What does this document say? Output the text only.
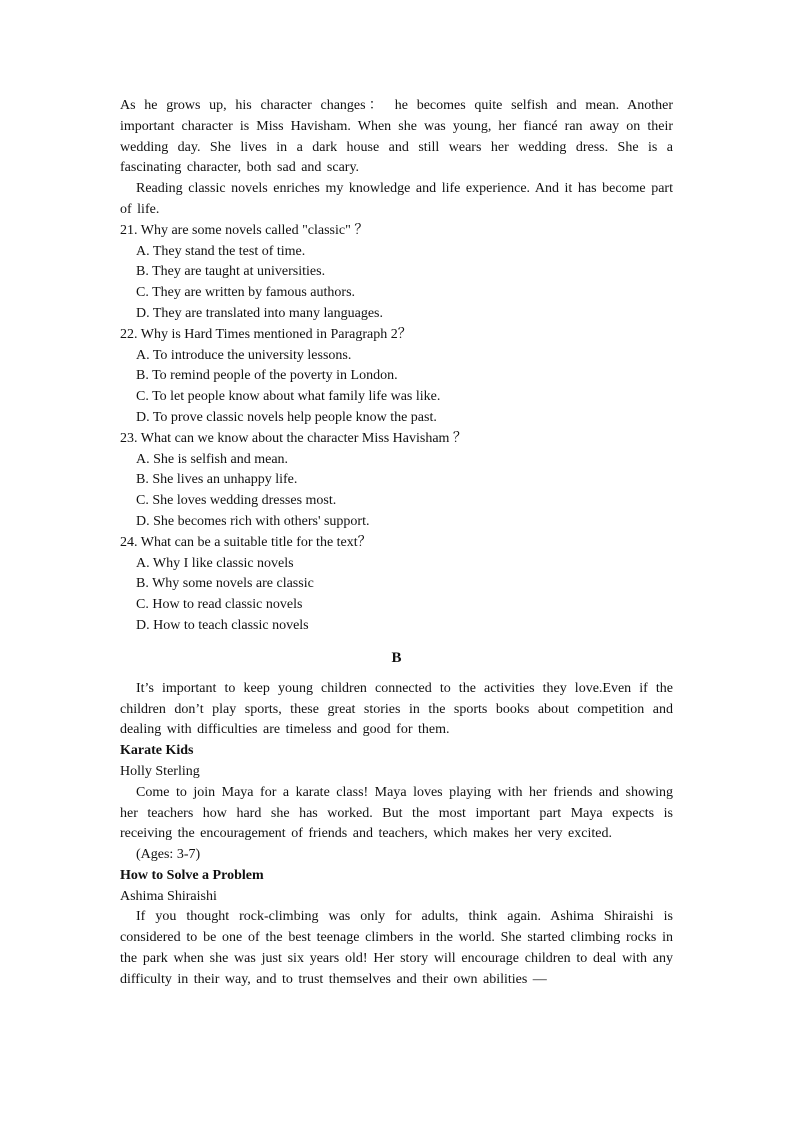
As he grows up, his character changes： he becomes quite selfish and mean. Another important character is Miss Havisham. When she was young, her fiancé ran away on their wedding day. She lives in a dark house and still wears her wedding dress. She is a fascinating character, both sad and scary.

Reading classic novels enriches my knowledge and life experience. And it has become part of life.

21. Why are some novels called "classic" ？

A. They stand the test of time.

B. They are taught at universities.

C. They are written by famous authors.

D. They are translated into many languages.

22. Why is Hard Times mentioned in Paragraph 2？

A. To introduce the university lessons.

B. To remind people of the poverty in London.

C. To let people know about what family life was like.

D. To prove classic novels help people know the past.

23. What can we know about the character Miss Havisham ？

A. She is selfish and mean.

B. She lives an unhappy life.

C. She loves wedding dresses most.

D. She becomes rich with others' support.

24. What can be a suitable title for the text？

A. Why I like classic novels

B. Why some novels are classic

C. How to read classic novels

D. How to teach classic novels

B

It’s important to keep young children connected to the activities they love.Even if the children don’t play sports, these great stories in the sports books about competition and dealing with difficulties are timeless and good for them.

Karate Kids

Holly Sterling

Come to join Maya for a karate class! Maya loves playing with her friends and showing her teachers how hard she has worked. But the most important part Maya expects is receiving the encouragement of friends and teachers, which makes her very excited.

(Ages: 3-7)

How to Solve a Problem

Ashima Shiraishi

If you thought rock-climbing was only for adults, think again. Ashima Shiraishi is considered to be one of the best teenage climbers in the world. She started climbing rocks in the park when she was just six years old! Her story will encourage children to deal with any difficulty in their way, and to trust themselves and their own abilities —
